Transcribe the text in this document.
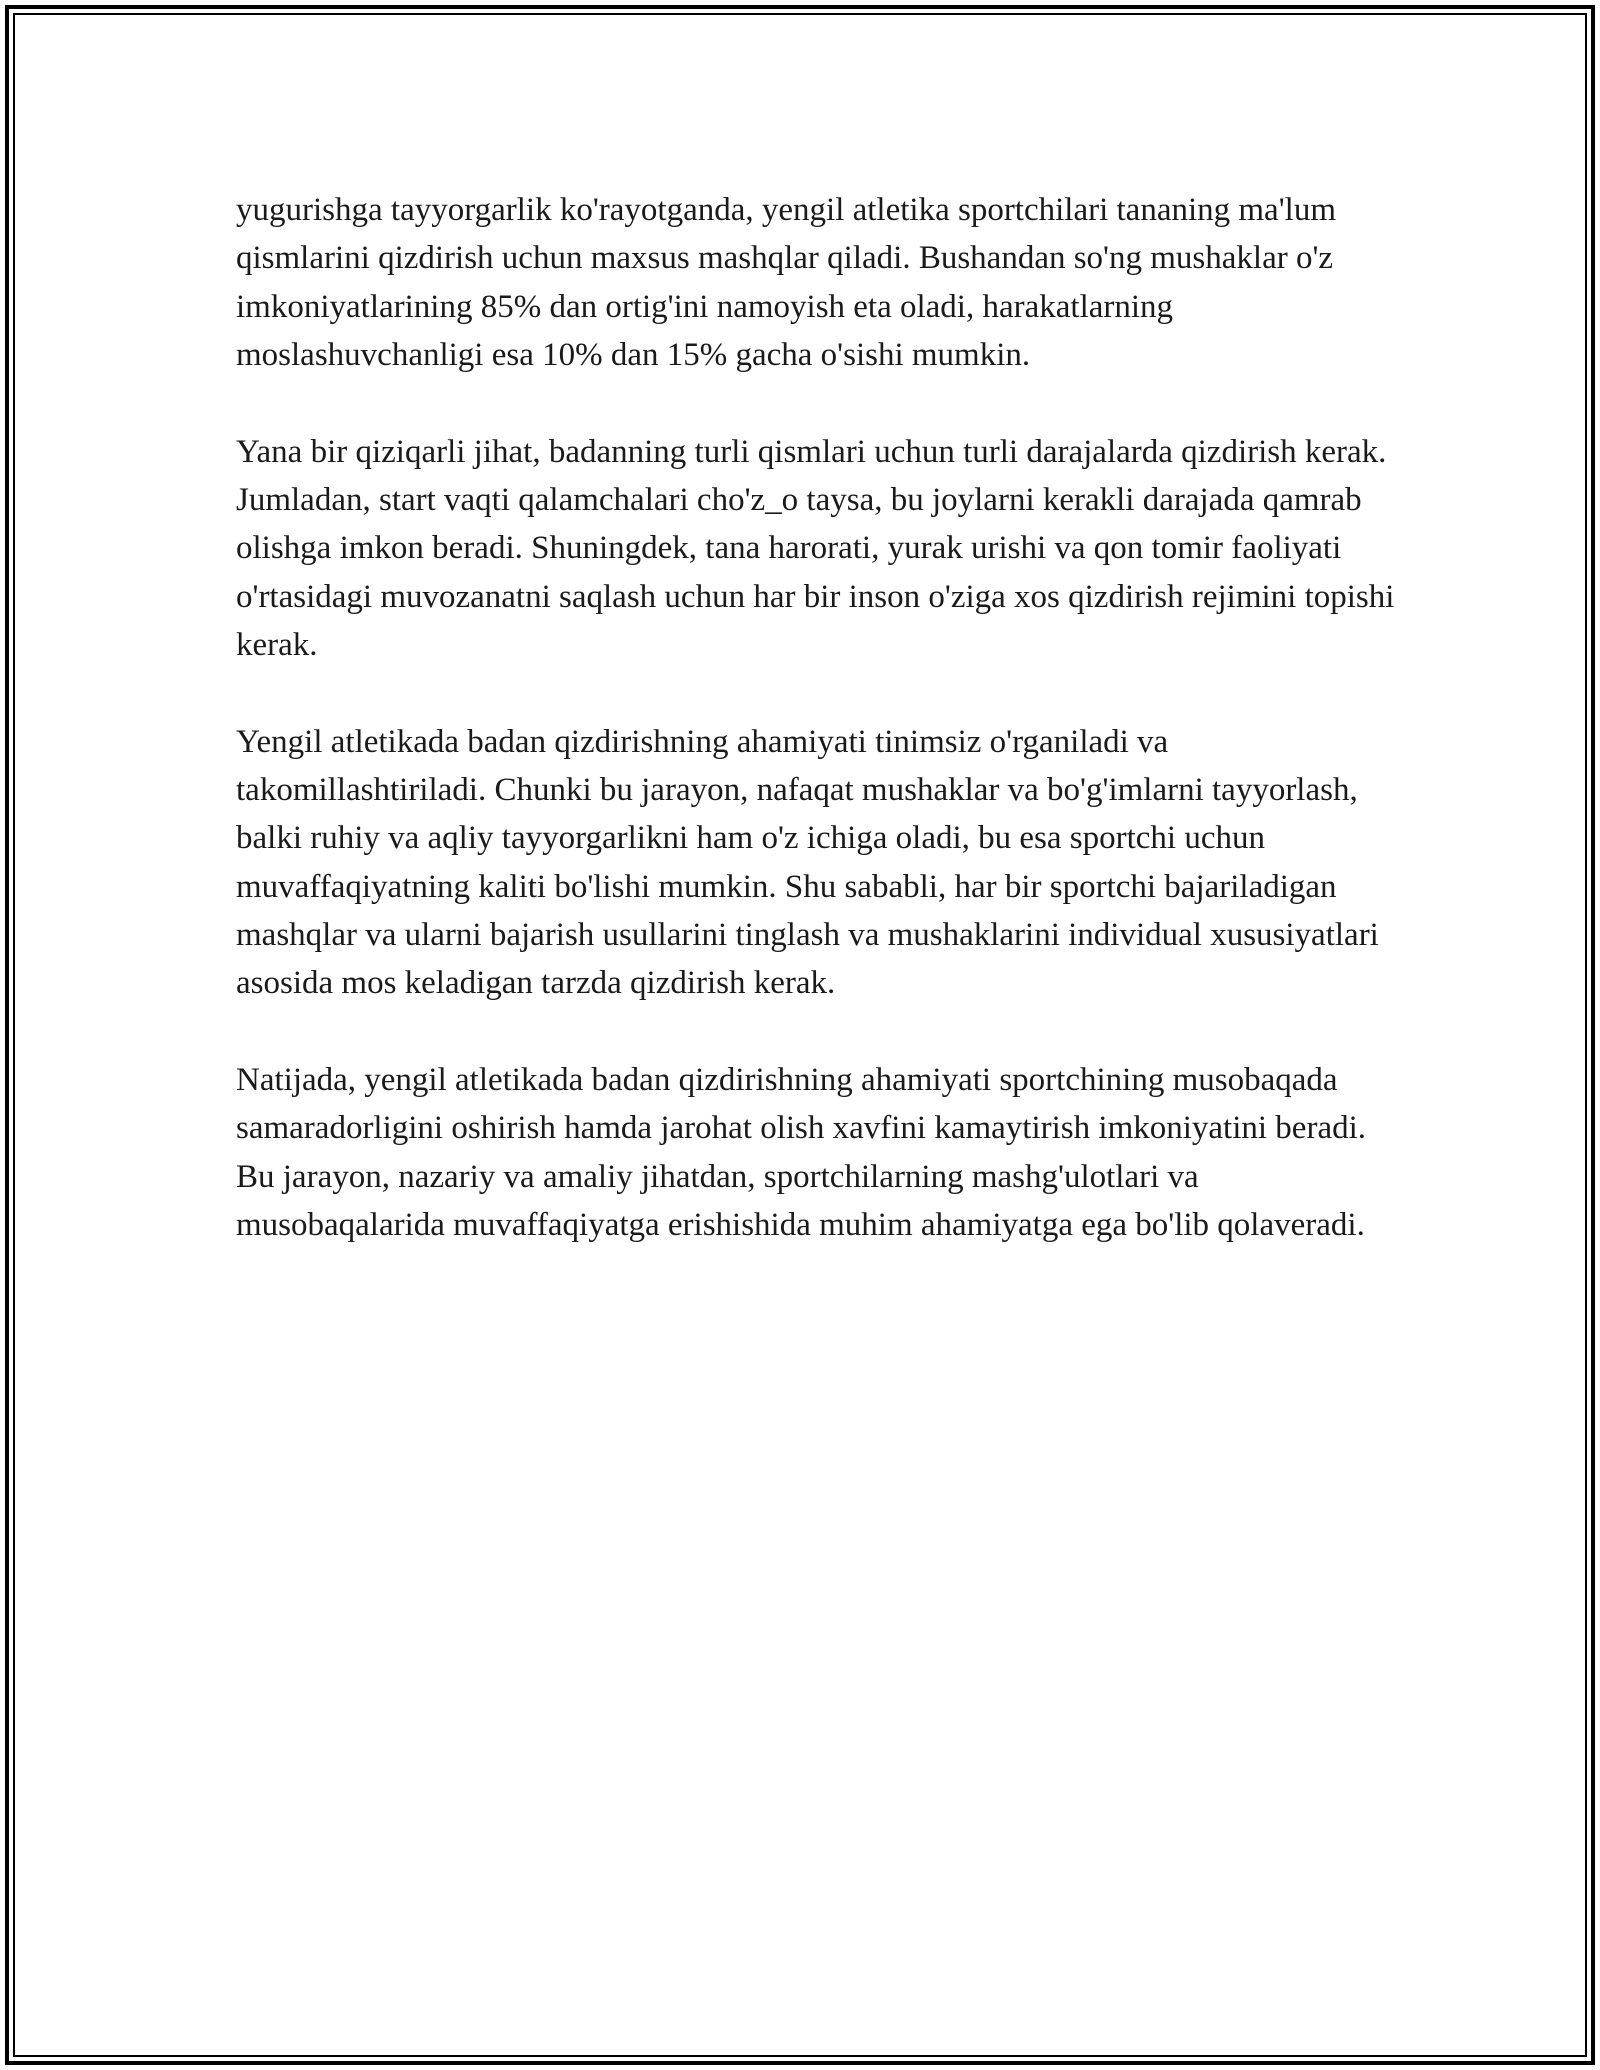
yugurishga tayyorgarlik ko'rayotganda, yengil atletika sportchilari tananing ma'lum qismlarini qizdirish uchun maxsus mashqlar qiladi. Bushandan so'ng mushaklar o'z imkoniyatlarining 85% dan ortig'ini namoyish eta oladi, harakatlarning moslashuvchanligi esa 10% dan 15% gacha o'sishi mumkin.

Yana bir qiziqarli jihat, badanning turli qismlari uchun turli darajalarda qizdirish kerak. Jumladan, start vaqti qalamchalari cho'z_o taysa, bu joylarni kerakli darajada qamrab olishga imkon beradi. Shuningdek, tana harorati, yurak urishi va qon tomir faoliyati o'rtasidagi muvozanatni saqlash uchun har bir inson o'ziga xos qizdirish rejimini topishi kerak.

Yengil atletikada badan qizdirishning ahamiyati tinimsiz o'rganiladi va takomillashtiriladi. Chunki bu jarayon, nafaqat mushaklar va bo'g'imlarni tayyorlash, balki ruhiy va aqliy tayyorgarlikni ham o'z ichiga oladi, bu esa sportchi uchun muvaffaqiyatning kaliti bo'lishi mumkin. Shu sababli, har bir sportchi bajariladigan mashqlar va ularni bajarish usullarini tinglash va mushaklarini individual xususiyatlari asosida mos keladigan tarzda qizdirish kerak.

Natijada, yengil atletikada badan qizdirishning ahamiyati sportchining musobaqada samaradorligini oshirish hamda jarohat olish xavfini kamaytirish imkoniyatini beradi. Bu jarayon, nazariy va amaliy jihatdan, sportchilarning mashg'ulotlari va musobaqalarida muvaffaqiyatga erishishida muhim ahamiyatga ega bo'lib qolaveradi.
